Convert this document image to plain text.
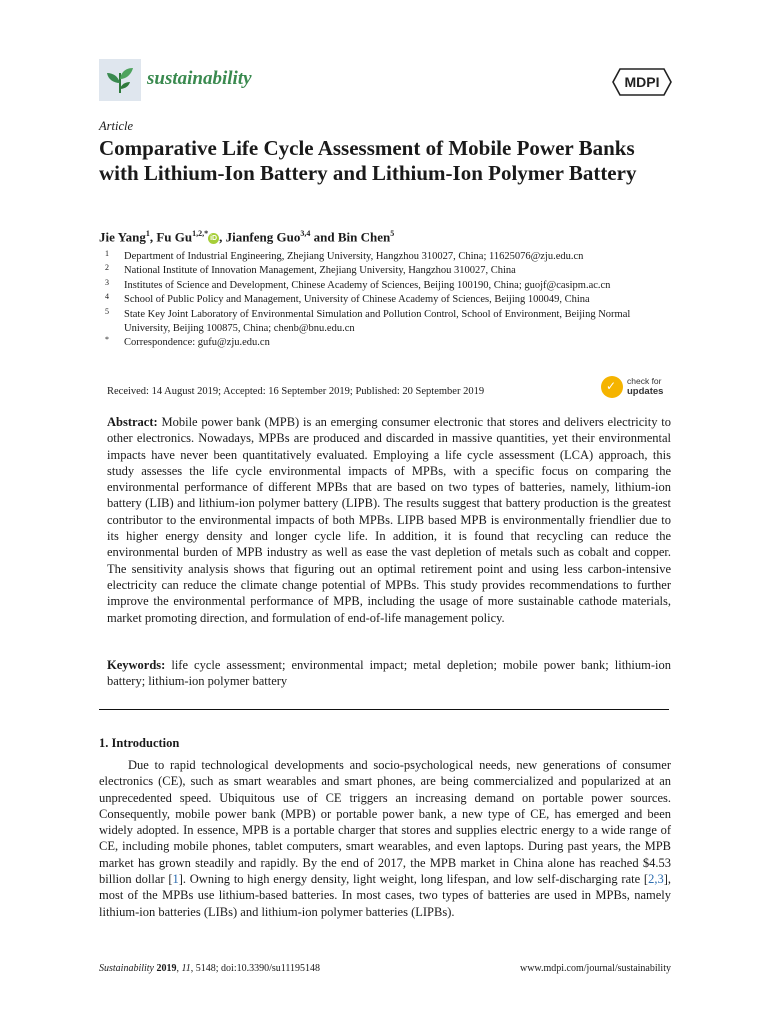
sustainability	MDPI
Article
Comparative Life Cycle Assessment of Mobile Power Banks with Lithium-Ion Battery and Lithium-Ion Polymer Battery
Jie Yang$^1$, Fu $Gu^{1,2,*}iD$ , Jianfeng Guo$^{3,4}$ and Bin Chen$^5$
1 Department of Industrial Engineering, Zhejiang University, Hangzhou 310027, China; 11625076@zju.edu.cn
2 National Institute of Innovation Management, Zhejiang University, Hangzhou 310027, China
3 Institutes of Science and Development, Chinese Academy of Sciences, Beijing 100190, China; guojf@casipm.ac.cn
4 School of Public Policy and Management, University of Chinese Academy of Sciences, Beijing 100049, China
5 State Key Joint Laboratory of Environmental Simulation and Pollution Control, School of Environment, Beijing Normal University, Beijing 100875, China; chenb@bnu.edu.cn
* Correspondence: gufu@zju.edu.cn
Received: 14 August 2019; Accepted: 16 September 2019; Published: 20 September 2019	✓ check for
updates
Abstract: Mobile power bank (MPB) is an emerging consumer electronic that stores and delivers electricity to other electronics. Nowadays, MPBs are produced and discarded in massive quantities, yet their environmental impacts have never been quantitatively evaluated. Employing a life cycle assessment (LCA) approach, this study assesses the life cycle environmental impacts of MPBs, with a specific focus on comparing the environmental performance of different MPBs that are based on two types of batteries, namely, lithium-ion battery (LIB) and lithium-ion polymer battery (LIPB). The results suggest that battery production is the greatest contributor to the environmental impacts of both MPBs. LIPB based MPB is environmentally friendlier due to its higher energy density and longer cycle life. In addition, it is found that recycling can reduce the environmental burden of MPB industry as well as ease the vast depletion of metals such as cobalt and copper. The sensitivity analysis shows that figuring out an optimal retirement point and using less carbon-intensive electricity can reduce the climate change potential of MPBs. This study provides recommendations to further improve the environmental performance of MPB, including the usage of more sustainable cathode materials, market promoting direction, and formulation of end-of-life management policy.
Keywords: life cycle assessment; environmental impact; metal depletion; mobile power bank; lithium-ion battery; lithium-ion polymer battery
1. Introduction
Due to rapid technological developments and socio-psychological needs, new generations of consumer electronics (CE), such as smart wearables and smart phones, are being commercialized and popularized at an unprecedented speed. Ubiquitous use of CE triggers an increasing demand on portable power sources. Consequently, mobile power bank (MPB) or portable power bank, a new type of CE, has emerged and been widely adopted. In essence, MPB is a portable charger that stores and supplies electric energy to a wide range of CE, including mobile phones, tablet computers, smart wearables, and even laptops. During past years, the MPB market has grown steadily and rapidly. By the end of 2017, the MPB market in China alone has reached $4.53 billion dollar [1]. Owning to high energy density, light weight, long lifespan, and low self-discharging rate [2,3], most of the MPBs use lithium-based batteries. In most cases, two types of batteries are used in MPBs, namely lithium-ion batteries (LIBs) and lithium-ion polymer batteries (LIPBs).
Sustainability 2019, 11, 5148; doi:10.3390/su11195148	www.mdpi.com/journal/sustainability
